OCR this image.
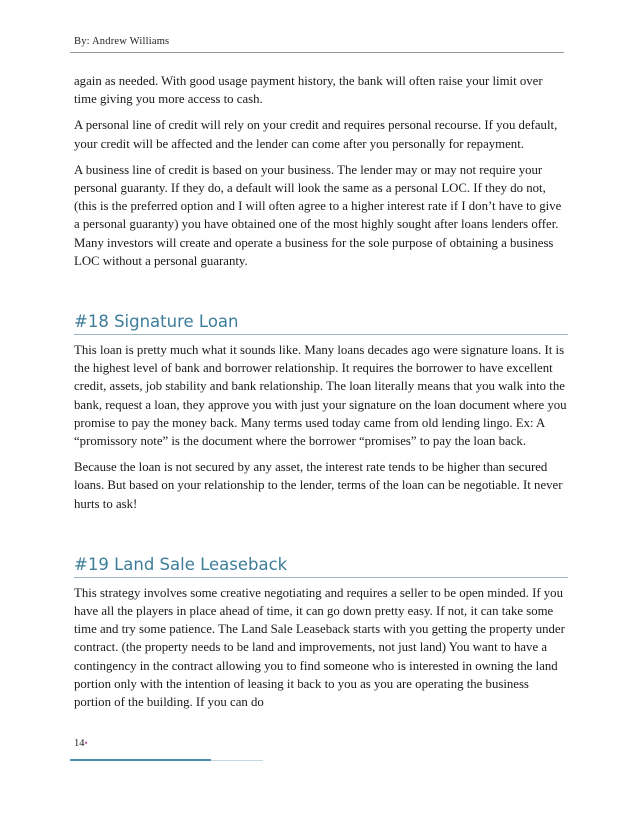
By: Andrew Williams

again as needed. With good usage payment history, the bank will often raise your limit over time giving you more access to cash.

A personal line of credit will rely on your credit and requires personal recourse. If you default, your credit will be affected and the lender can come after you personally for repayment.

A business line of credit is based on your business. The lender may or may not require your personal guaranty. If they do, a default will look the same as a personal LOC. If they do not, (this is the preferred option and I will often agree to a higher interest rate if I don’t have to give a personal guaranty) you have obtained one of the most highly sought after loans lenders offer. Many investors will create and operate a business for the sole purpose of obtaining a business LOC without a personal guaranty.

#18 Signature Loan

This loan is pretty much what it sounds like. Many loans decades ago were signature loans. It is the highest level of bank and borrower relationship. It requires the borrower to have excellent credit, assets, job stability and bank relationship. The loan literally means that you walk into the bank, request a loan, they approve you with just your signature on the loan document where you promise to pay the money back. Many terms used today came from old lending lingo. Ex: A “promissory note” is the document where the borrower “promises” to pay the loan back.

Because the loan is not secured by any asset, the interest rate tends to be higher than secured loans. But based on your relationship to the lender, terms of the loan can be negotiable. It never hurts to ask!

#19 Land Sale Leaseback

This strategy involves some creative negotiating and requires a seller to be open minded. If you have all the players in place ahead of time, it can go down pretty easy. If not, it can take some time and try some patience. The Land Sale Leaseback starts with you getting the property under contract. (the property needs to be land and improvements, not just land) You want to have a contingency in the contract allowing you to find someone who is interested in owning the land portion only with the intention of leasing it back to you as you are operating the business portion of the building. If you can do

14•
